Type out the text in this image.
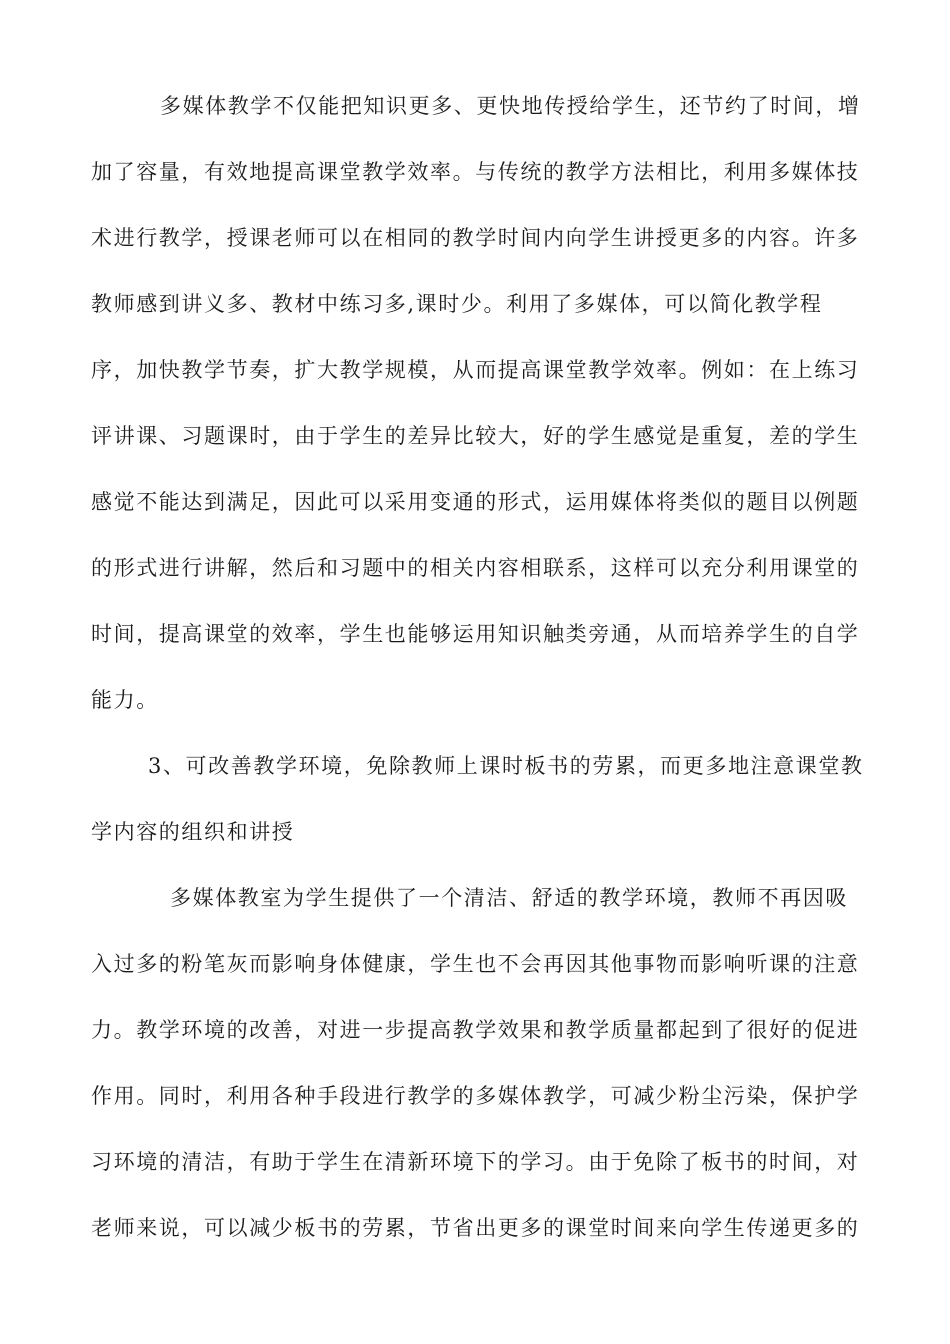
多媒体教学不仅能把知识更多、更快地传授给学生，还节约了时间，增
加了容量，有效地提高课堂教学效率。与传统的教学方法相比，利用多媒体技
术进行教学，授课老师可以在相同的教学时间内向学生讲授更多的内容。许多
教师感到讲义多、教材中练习多,课时少。利用了多媒体，可以简化教学程
序，加快教学节奏，扩大教学规模，从而提高课堂教学效率。例如：在上练习
评讲课、习题课时，由于学生的差异比较大，好的学生感觉是重复，差的学生
感觉不能达到满足，因此可以采用变通的形式，运用媒体将类似的题目以例题
的形式进行讲解，然后和习题中的相关内容相联系，这样可以充分利用课堂的
时间，提高课堂的效率，学生也能够运用知识触类旁通，从而培养学生的自学
能力。
3、可改善教学环境，免除教师上课时板书的劳累，而更多地注意课堂教
学内容的组织和讲授
多媒体教室为学生提供了一个清洁、舒适的教学环境，教师不再因吸
入过多的粉笔灰而影响身体健康，学生也不会再因其他事物而影响听课的注意
力。教学环境的改善，对进一步提高教学效果和教学质量都起到了很好的促进
作用。同时，利用各种手段进行教学的多媒体教学，可减少粉尘污染，保护学
习环境的清洁，有助于学生在清新环境下的学习。由于免除了板书的时间，对
老师来说，可以减少板书的劳累，节省出更多的课堂时间来向学生传递更多的
